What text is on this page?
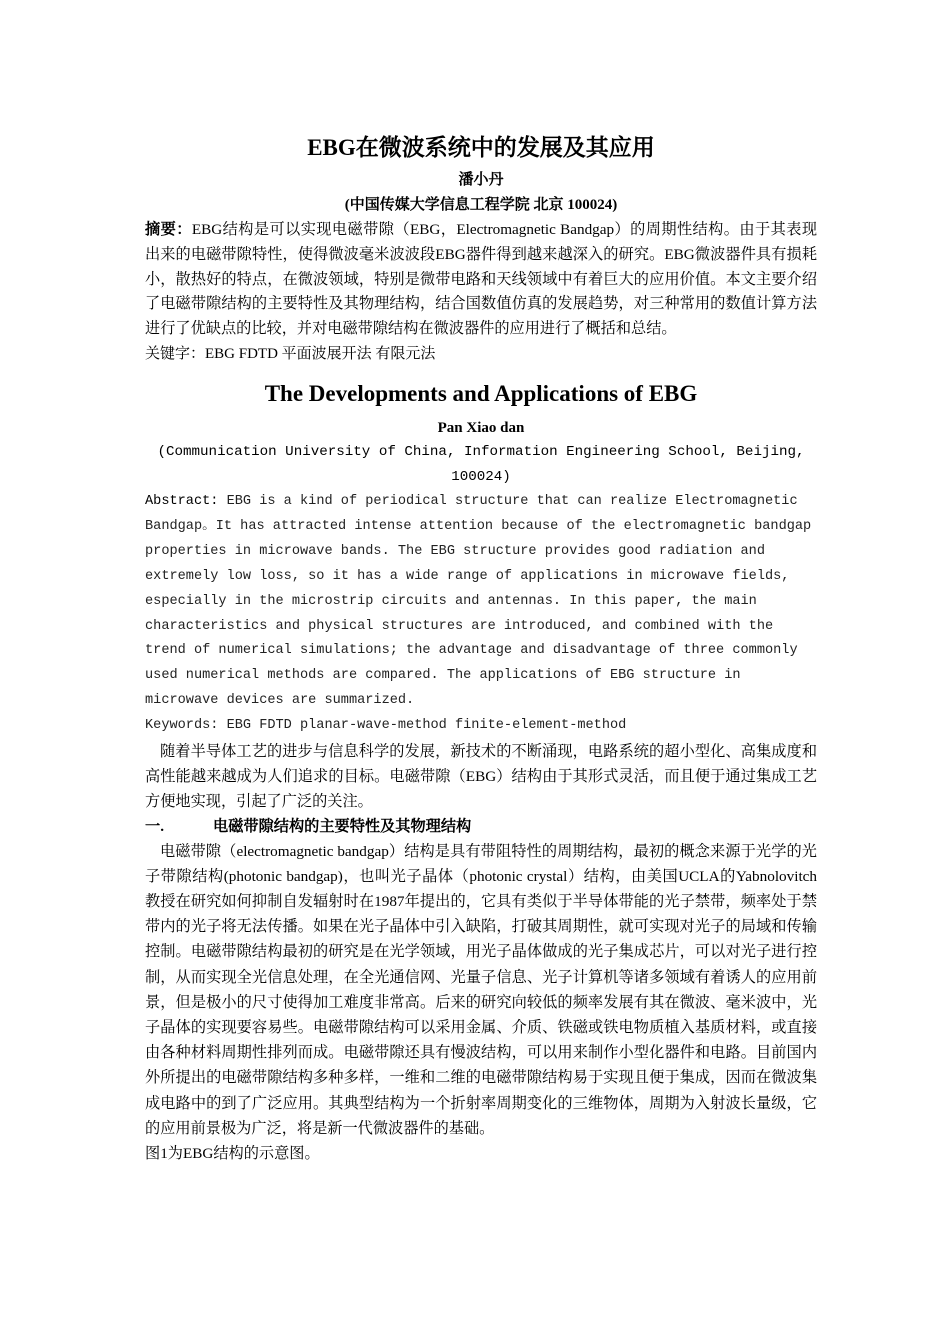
EBG在微波系统中的发展及其应用

潘小丹

(中国传媒大学信息工程学院 北京 100024)

摘要：EBG结构是可以实现电磁带隙（EBG，Electromagnetic Bandgap）的周期性结构。由于其表现出来的电磁带隙特性，使得微波毫米波波段EBG器件得到越来越深入的研究。EBG微波器件具有损耗小，散热好的特点，在微波领域，特别是微带电路和天线领域中有着巨大的应用价值。本文主要介绍了电磁带隙结构的主要特性及其物理结构，结合国数值仿真的发展趋势，对三种常用的数值计算方法进行了优缺点的比较，并对电磁带隙结构在微波器件的应用进行了概括和总结。

关键字：EBG FDTD 平面波展开法 有限元法

The Developments and Applications of EBG

Pan Xiao dan

(Communication University of China, Information Engineering School, Beijing, 100024)

Abstract: EBG is a kind of periodical structure that can realize Electromagnetic Bandgap。It has attracted intense attention because of the electromagnetic bandgap properties in microwave bands. The EBG structure provides good radiation and extremely low loss, so it has a wide range of applications in microwave fields, especially in the microstrip circuits and antennas. In this paper, the main characteristics and physical structures are introduced, and combined with the trend of numerical simulations; the advantage and disadvantage of three commonly used numerical methods are compared. The applications of EBG structure in microwave devices are summarized.

Keywords: EBG FDTD planar-wave-method finite-element-method

随着半导体工艺的进步与信息科学的发展，新技术的不断涌现，电路系统的超小型化、高集成度和高性能越来越成为人们追求的目标。电磁带隙（EBG）结构由于其形式灵活，而且便于通过集成工艺方便地实现，引起了广泛的关注。

一.	电磁带隙结构的主要特性及其物理结构

电磁带隙（electromagnetic bandgap）结构是具有带阻特性的周期结构，最初的概念来源于光学的光子带隙结构(photonic bandgap)，也叫光子晶体（photonic crystal）结构，由美国UCLA的Yabnolovitch教授在研究如何抑制自发辐射时在1987年提出的，它具有类似于半导体带能的光子禁带，频率处于禁带内的光子将无法传播。如果在光子晶体中引入缺陷，打破其周期性，就可实现对光子的局域和传输控制。电磁带隙结构最初的研究是在光学领域，用光子晶体做成的光子集成芯片，可以对光子进行控制，从而实现全光信息处理，在全光通信网、光量子信息、光子计算机等诸多领域有着诱人的应用前景，但是极小的尺寸使得加工难度非常高。后来的研究向较低的频率发展有其在微波、毫米波中，光子晶体的实现要容易些。电磁带隙结构可以采用金属、介质、铁磁或铁电物质植入基质材料，或直接由各种材料周期性排列而成。电磁带隙还具有慢波结构，可以用来制作小型化器件和电路。目前国内外所提出的电磁带隙结构多种多样，一维和二维的电磁带隙结构易于实现且便于集成，因而在微波集成电路中的到了广泛应用。其典型结构为一个折射率周期变化的三维物体，周期为入射波长量级，它的应用前景极为广泛，将是新一代微波器件的基础。

图1为EBG结构的示意图。
